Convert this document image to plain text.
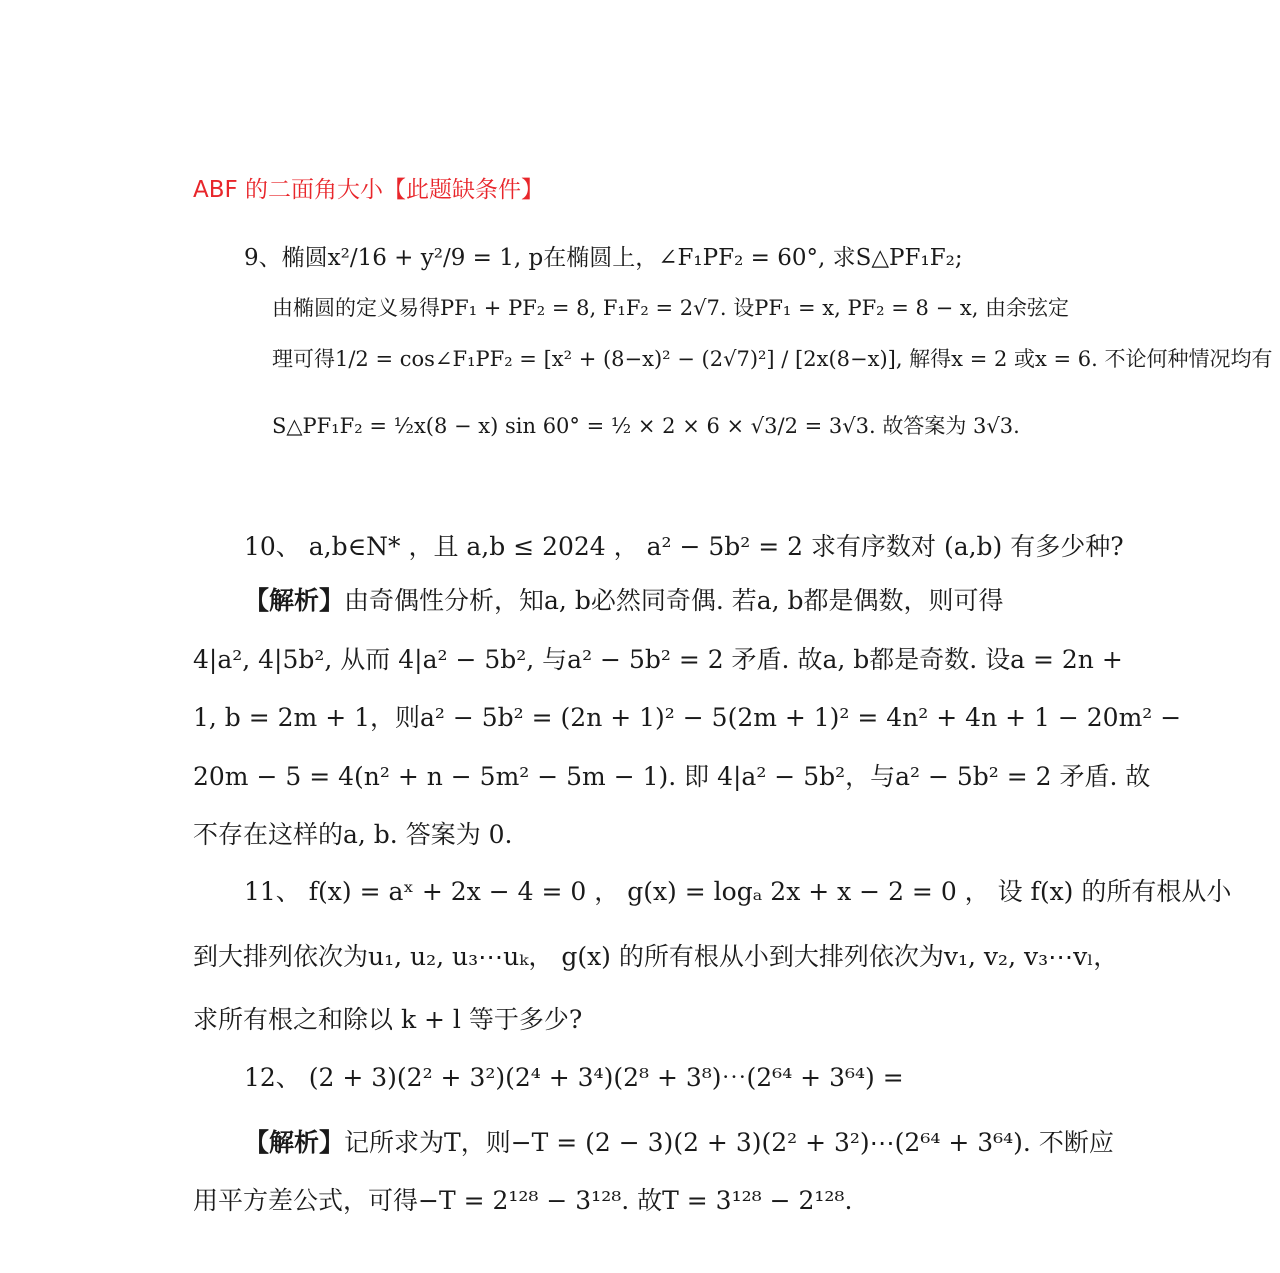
ABF 的二面角大小【此题缺条件】
9、椭圆x²/16 + y²/9 = 1, p在椭圆上，∠F₁PF₂ = 60°, 求S△PF₁F₂;
由椭圆的定义易得PF₁ + PF₂ = 8, F₁F₂ = 2√7. 设PF₁ = x, PF₂ = 8 − x, 由余弦定
理可得1/2 = cos∠F₁PF₂ = [x² + (8−x)² − (2√7)²] / [2x(8−x)], 解得x = 2 或x = 6. 不论何种情况均有
S△PF₁F₂ = ½x(8 − x) sin 60° = ½ × 2 × 6 × √3/2 = 3√3. 故答案为 3√3.
10、 a,b∈N* ，且 a,b ≤ 2024 ， a² − 5b² = 2 求有序数对 (a,b) 有多少种?
【解析】由奇偶性分析，知a, b必然同奇偶. 若a, b都是偶数，则可得
4|a², 4|5b², 从而 4|a² − 5b², 与a² − 5b² = 2 矛盾. 故a, b都是奇数. 设a = 2n +
1, b = 2m + 1，则a² − 5b² = (2n + 1)² − 5(2m + 1)² = 4n² + 4n + 1 − 20m² −
20m − 5 = 4(n² + n − 5m² − 5m − 1). 即 4|a² − 5b²，与a² − 5b² = 2 矛盾. 故
不存在这样的a, b. 答案为 0.
11、 f(x) = aˣ + 2x − 4 = 0 ， g(x) = logₐ 2x + x − 2 = 0 ， 设 f(x) 的所有根从小
到大排列依次为u₁, u₂, u₃⋯uₖ， g(x) 的所有根从小到大排列依次为v₁, v₂, v₃⋯vₗ，
求所有根之和除以 k + l 等于多少?
12、 (2 + 3)(2² + 3²)(2⁴ + 3⁴)(2⁸ + 3⁸)⋯(2⁶⁴ + 3⁶⁴) =
【解析】记所求为T，则−T = (2 − 3)(2 + 3)(2² + 3²)⋯(2⁶⁴ + 3⁶⁴). 不断应
用平方差公式，可得−T = 2¹²⁸ − 3¹²⁸. 故T = 3¹²⁸ − 2¹²⁸.
